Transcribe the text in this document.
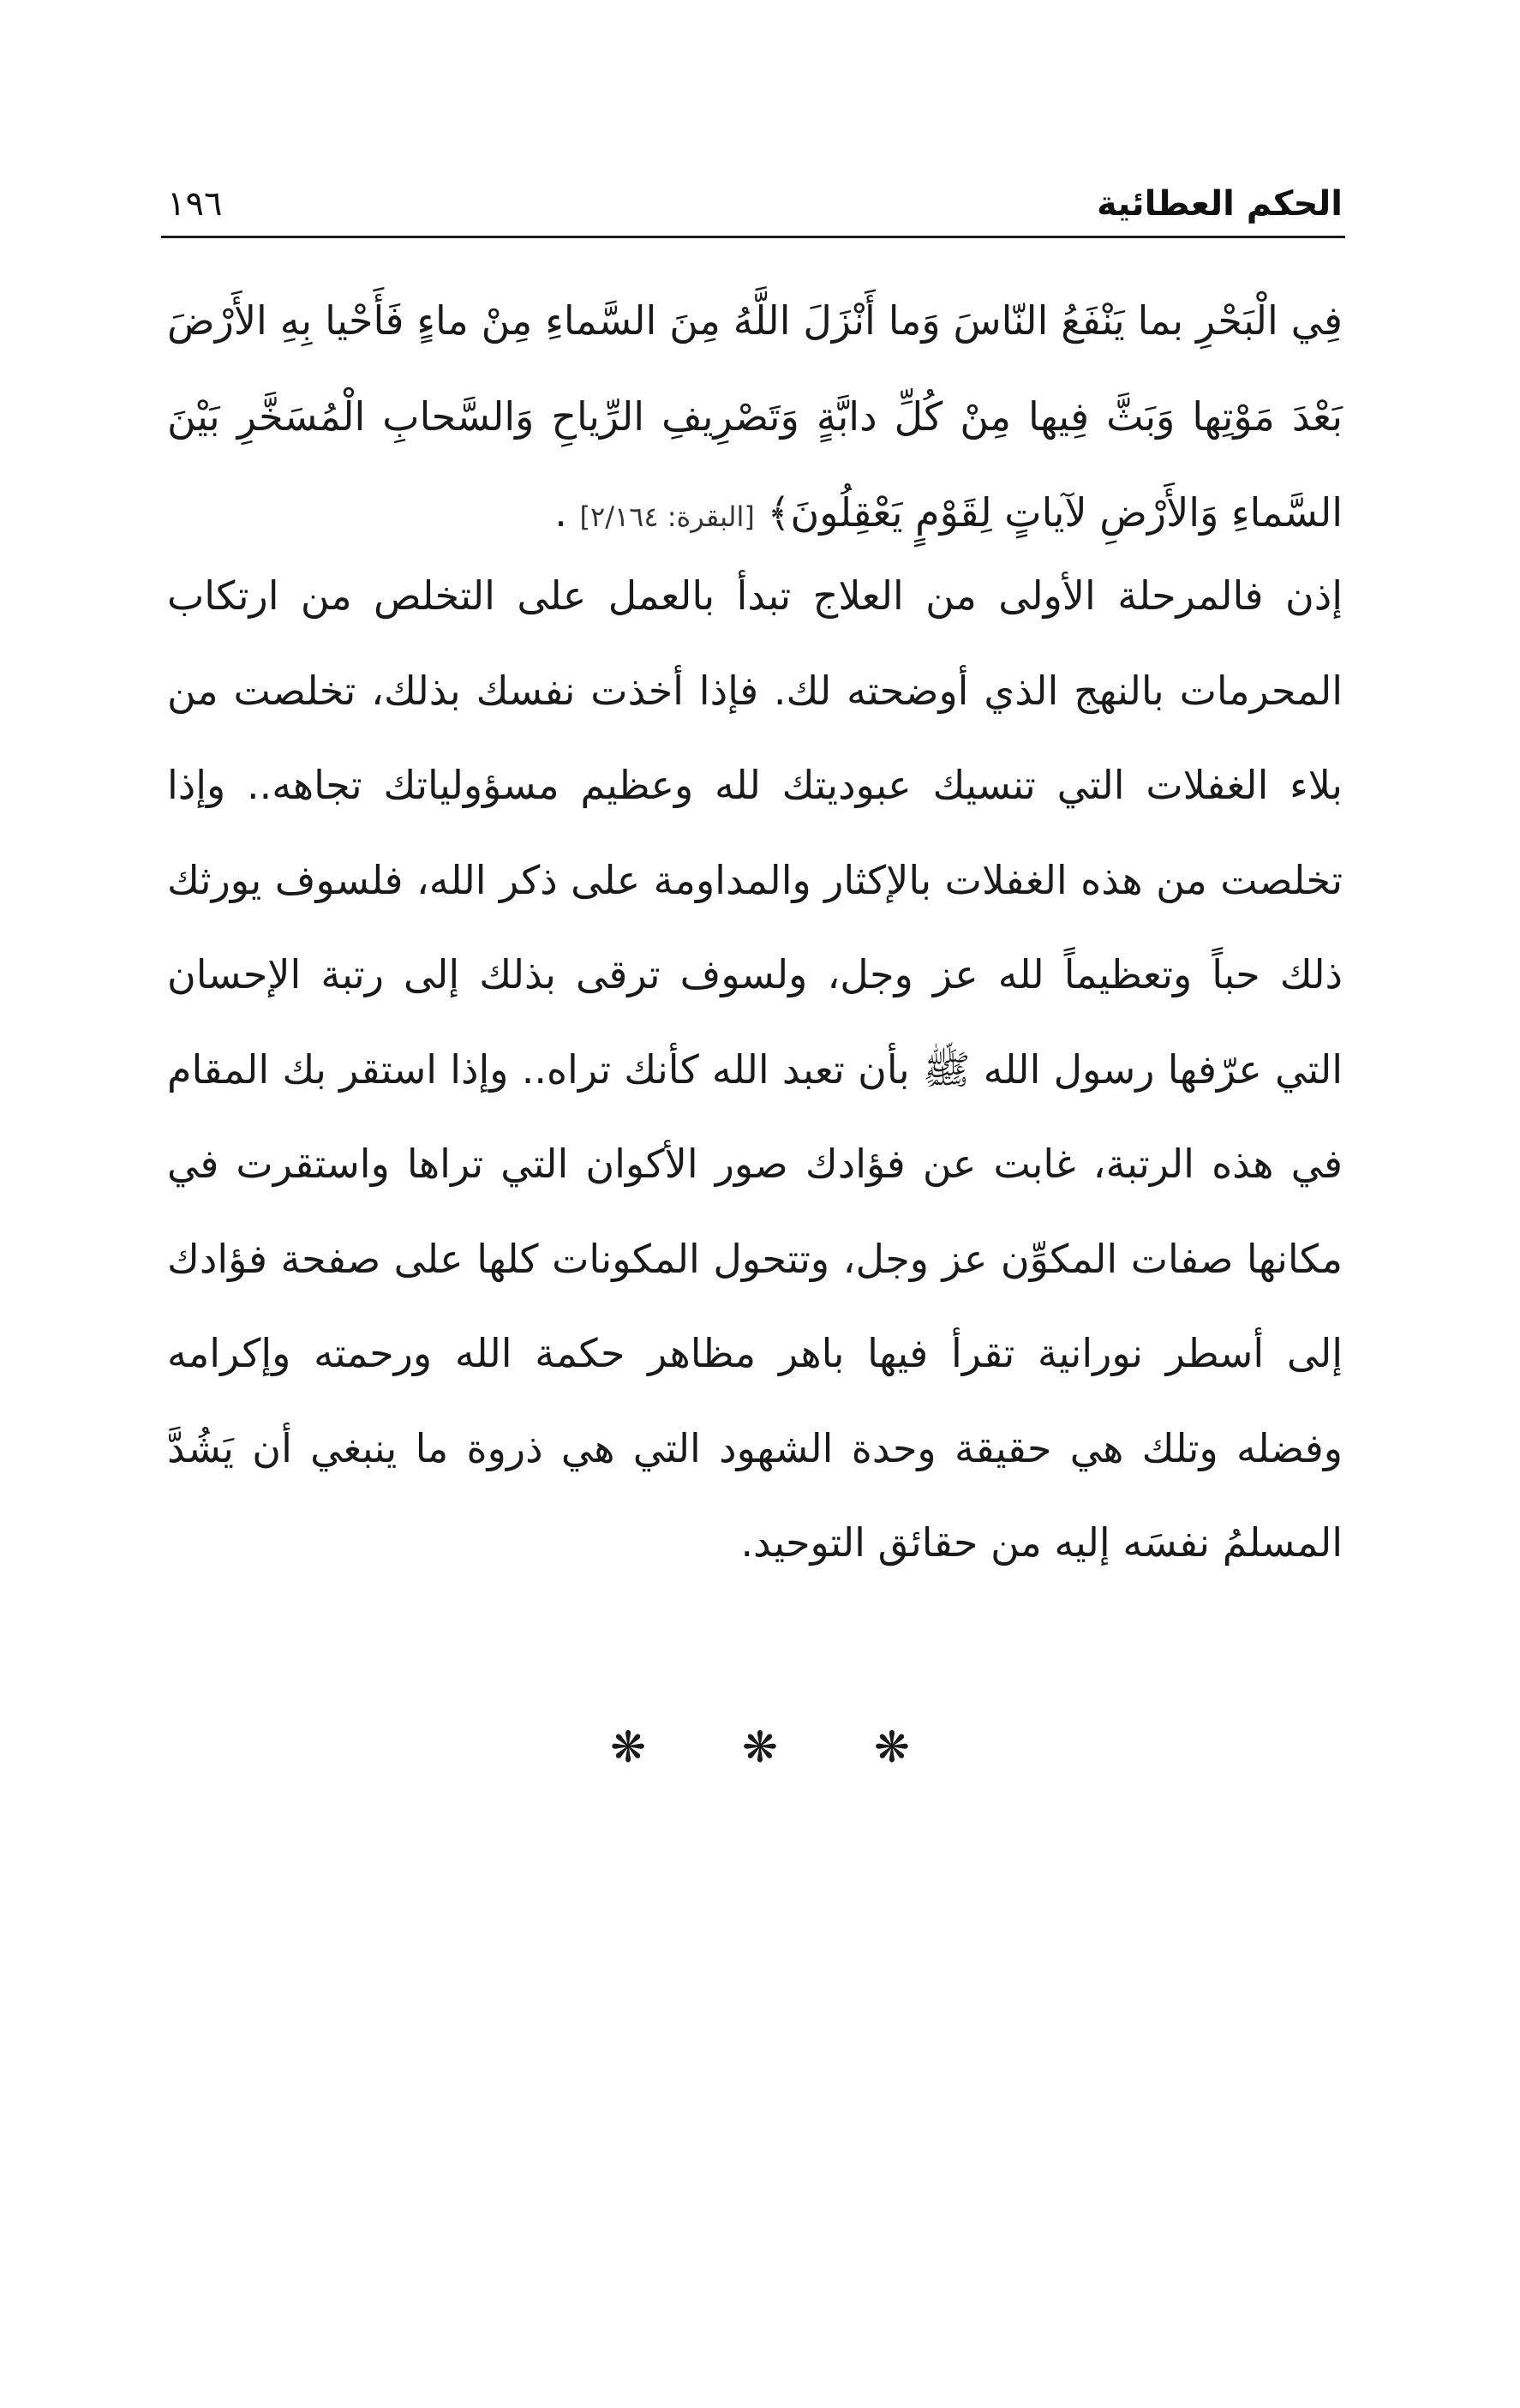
الحكم العطائية
١٩٦
فِي الْبَحْرِ بما يَنْفَعُ النّاسَ وَما أَنْزَلَ اللَّهُ مِنَ السَّماءِ مِنْ ماءٍ فَأَحْيا بِهِ الأَرْضَ بَعْدَ مَوْتِها وَبَثَّ فِيها مِنْ كُلِّ دابَّةٍ وَتَصْرِيفِ الرِّياحِ وَالسَّحابِ الْمُسَخَّرِ بَيْنَ السَّماءِ وَالأَرْضِ لآياتٍ لِقَوْمٍ يَعْقِلُونَ﴾ [البقرة: ٢/١٦٤] .
إذن فالمرحلة الأولى من العلاج تبدأ بالعمل على التخلص من ارتكاب المحرمات بالنهج الذي أوضحته لك. فإذا أخذت نفسك بذلك، تخلصت من بلاء الغفلات التي تنسيك عبوديتك لله وعظيم مسؤولياتك تجاهه.. وإذا تخلصت من هذه الغفلات بالإكثار والمداومة على ذكر الله، فلسوف يورثك ذلك حباً وتعظيماً لله عز وجل، ولسوف ترقى بذلك إلى رتبة الإحسان التي عرّفها رسول الله ﷺ بأن تعبد الله كأنك تراه.. وإذا استقر بك المقام في هذه الرتبة، غابت عن فؤادك صور الأكوان التي تراها واستقرت في مكانها صفات المكوِّن عز وجل، وتتحول المكونات كلها على صفحة فؤادك إلى أسطر نورانية تقرأ فيها باهر مظاهر حكمة الله ورحمته وإكرامه وفضله وتلك هي حقيقة وحدة الشهود التي هي ذروة ما ينبغي أن يَشُدَّ المسلمُ نفسَه إليه من حقائق التوحيد.
❋ ❋ ❋
